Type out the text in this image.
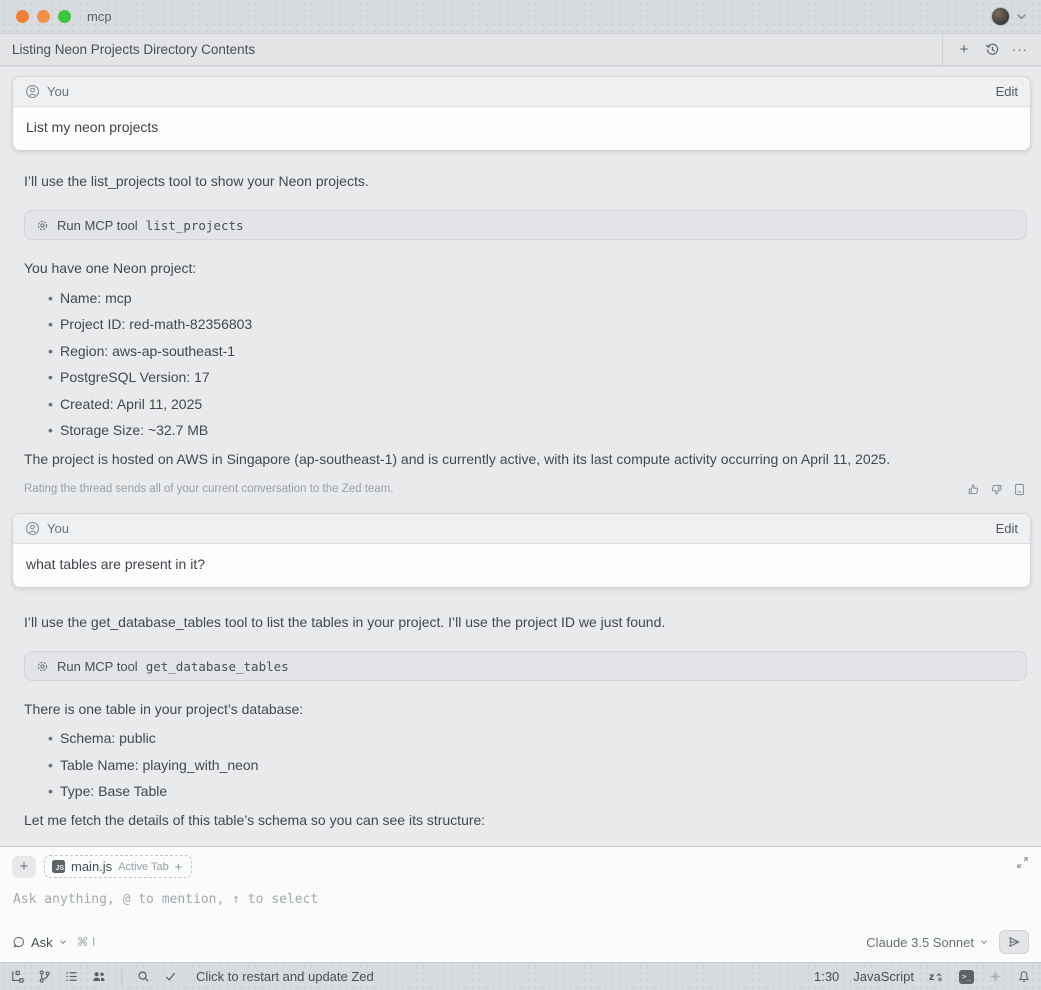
mcp
Listing Neon Projects Directory Contents	+	···
You	Edit
List my neon projects
I’ll use the list_projects tool to show your Neon projects.
Run MCP tool list_projects
You have one Neon project:
• Name: mcp
• Project ID: red-math-82356803
• Region: aws-ap-southeast-1
• PostgreSQL Version: 17
• Created: April 11, 2025
• Storage Size: ~32.7 MB
The project is hosted on AWS in Singapore (ap-southeast-1) and is currently active, with its last compute activity occurring on April 11, 2025.
Rating the thread sends all of your current conversation to the Zed team.
You	Edit
what tables are present in it?
I’ll use the get_database_tables tool to list the tables in your project. I’ll use the project ID we just found.
Run MCP tool get_database_tables
There is one table in your project’s database:
• Schema: public
• Table Name: playing_with_neon
• Type: Base Table
Let me fetch the details of this table’s schema so you can see its structure:
+	JS main.js Active Tab +
Ask anything, @ to mention, ↑ to select
Ask ⌘ I	Claude 3.5 Sonnet
Click to restart and update Zed	1:30 JavaScript z	>_
